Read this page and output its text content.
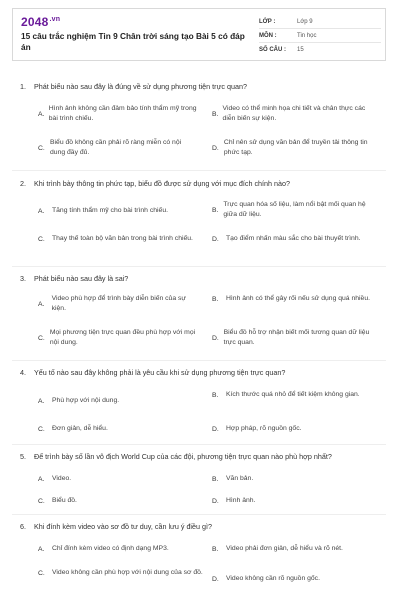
$2048^{.vn}$
15 câu trắc nghiệm Tin 9 Chân trời sáng tạo Bài 5 có đáp án
LỚP :	Lớp 9
MÔN :	Tin học
SỐ CÂU :	15
1.	Phát biểu nào sau đây là đúng về sử dụng phương tiện trực quan?
A.
Hình ảnh không cần đảm bảo tính thẩm mỹ trong bài trình chiếu.
B.
Video có thể minh họa chi tiết và chân thực các diễn biến sự kiện.
C.
Biểu đồ không cần phải rõ ràng miễn có nội dung đầy đủ.
D.
Chỉ nên sử dụng văn bản để truyền tải thông tin phức tạp.
2.	Khi trình bày thông tin phức tạp, biểu đồ được sử dụng với mục đích chính nào?
A.	Tăng tính thẩm mỹ cho bài trình chiếu.	B.
Trực quan hóa số liệu, làm nổi bật mối quan hệ giữa dữ liệu.
C.	Thay thế toàn bộ văn bản trong bài trình chiếu.	D.	Tạo điểm nhấn màu sắc cho bài thuyết trình.
3.	Phát biểu nào sau đây là sai?
A.
Video phù hợp để trình bày diễn biến của sự kiện.
B.	Hình ảnh có thể gây rối nếu sử dụng quá nhiều.
C.
Mọi phương tiện trực quan đều phù hợp với mọi nội dung.
D.
Biểu đồ hỗ trợ nhận biết mối tương quan dữ liệu trực quan.
4.	Yếu tố nào sau đây không phải là yêu cầu khi sử dụng phương tiện trực quan?
A.	Phù hợp với nội dung.
B.	Kích thước quá nhỏ để tiết kiệm không gian.
C.	Đơn giản, dễ hiểu.	D.	Hợp pháp, rõ nguồn gốc.
5.	Để trình bày số lần vô địch World Cup của các đội, phương tiện trực quan nào phù hợp nhất?
A.	Video.	B.	Văn bản.
C.	Biểu đồ.	D.	Hình ảnh.
6.	Khi đính kèm video vào sơ đồ tư duy, cần lưu ý điều gì?
A.	Chỉ đính kèm video có định dạng MP3.	B.	Video phải đơn giản, dễ hiểu và rõ nét.
C.	Video không cần phù hợp với nội dung của sơ đồ.
D.	Video không cần rõ nguồn gốc.
